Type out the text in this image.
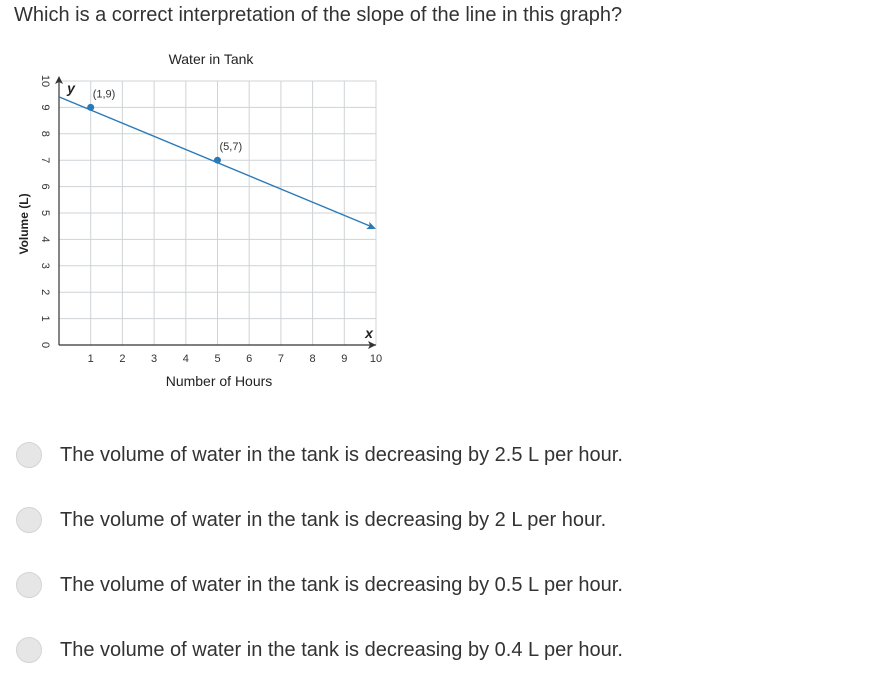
Which is a correct interpretation of the slope of the line in this graph?
Water in Tank
Number of Hours
Volume (L)
x
y
1 2 3 4 5 6 7 8 9 10
0
1
2
3
4
5
6
7
8
9
10
(1,9)
(5,7)
The volume of water in the tank is decreasing by 2.5 L per hour.
The volume of water in the tank is decreasing by 2 L per hour.
The volume of water in the tank is decreasing by 0.5 L per hour.
The volume of water in the tank is decreasing by 0.4 L per hour.
